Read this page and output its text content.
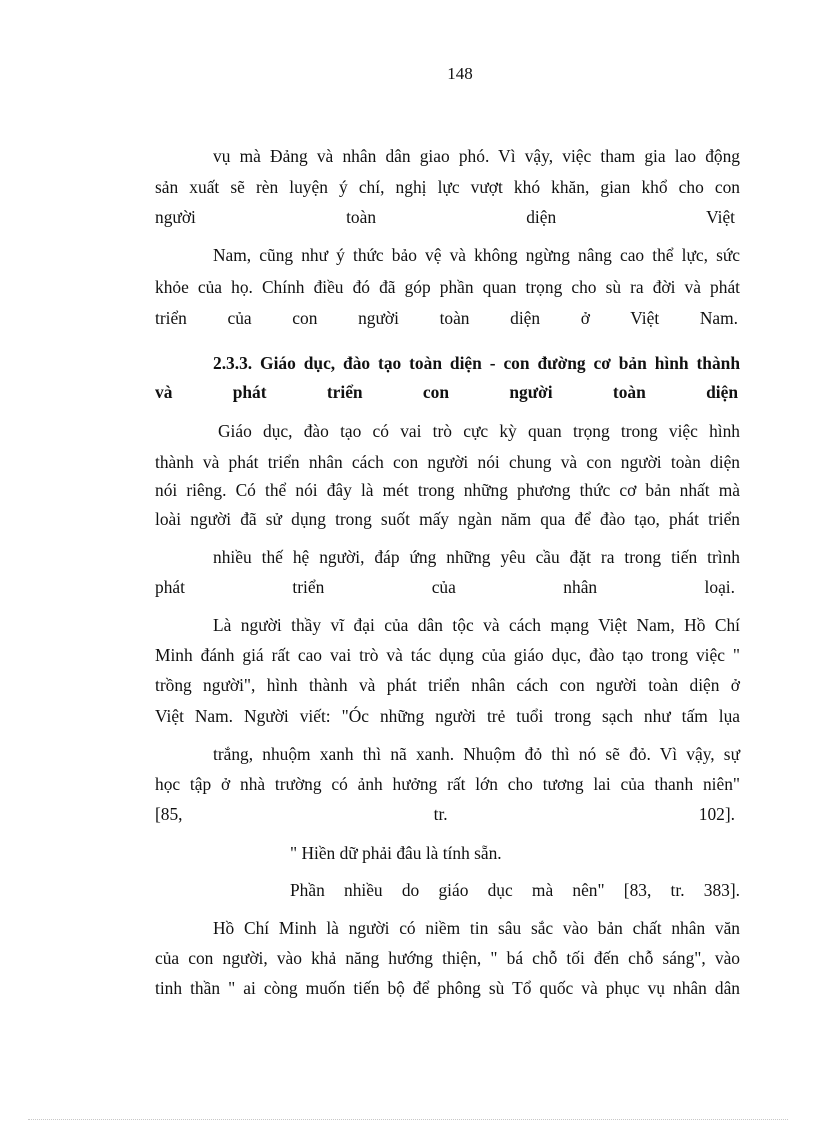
148
vụ mà Đảng và nhân dân giao phó. Vì vậy, việc tham gia lao động
sản xuất sẽ rèn luyện ý chí, nghị lực vượt khó khăn, gian khổ cho con
người toàn diện Việt
Nam, cũng như ý thức bảo vệ và không ngừng nâng cao thể lực, sức
khỏe của họ. Chính điều đó đã góp phần quan trọng cho sù ra đời và phát
triển của con người toàn diện ở Việt Nam.
2.3.3. Giáo dục, đào tạo toàn diện - con đường cơ bản hình thành
và phát triển con người toàn diện
Giáo dục, đào tạo có vai trò cực kỳ quan trọng trong việc hình
thành và phát triển nhân cách con người nói chung và con người toàn diện
nói riêng. Có thể nói đây là mét trong những phương thức cơ bản nhất mà
loài người đã sử dụng trong suốt mấy ngàn năm qua để đào tạo, phát triển
nhiều thế hệ người, đáp ứng những yêu cầu đặt ra trong tiến trình
phát triển của nhân loại.
Là người thầy vĩ đại của dân tộc và cách mạng Việt Nam, Hồ Chí
Minh đánh giá rất cao vai trò và tác dụng của giáo dục, đào tạo trong việc "
trồng người", hình thành và phát triển nhân cách con người toàn diện ở
Việt Nam. Người viết: "Óc những người trẻ tuổi trong sạch như tấm lụa
trắng, nhuộm xanh thì nã xanh. Nhuộm đỏ thì nó sẽ đỏ. Vì vậy, sự
học tập ở nhà trường có ảnh hưởng rất lớn cho tương lai của thanh niên"
[85, tr. 102].
" Hiền dữ phải đâu là tính sẵn.
Phần nhiều do giáo dục mà nên" [83, tr. 383].
Hồ Chí Minh là người có niềm tin sâu sắc vào bản chất nhân văn
của con người, vào khả năng hướng thiện, " bá chỗ tối đến chỗ sáng", vào
tinh thần " ai còng muốn tiến bộ để phông sù Tổ quốc và phục vụ nhân dân
